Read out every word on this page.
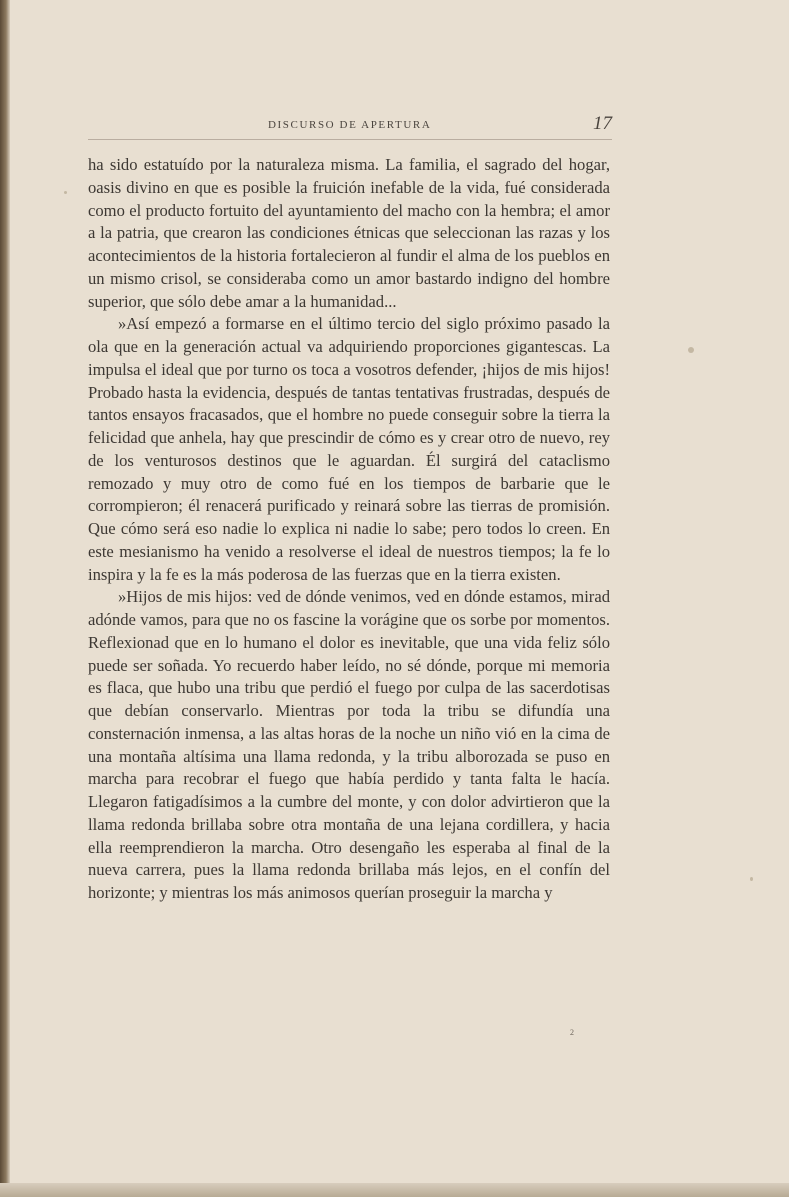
DISCURSO DE APERTURA	17

ha sido estatuído por la naturaleza misma. La familia, el sagrado del hogar, oasis divino en que es posible la fruición inefable de la vida, fué considerada como el producto fortuito del ayuntamiento del macho con la hembra; el amor a la patria, que crearon las condiciones étnicas que seleccionan las razas y los acontecimientos de la historia fortalecieron al fundir el alma de los pueblos en un mismo crisol, se consideraba como un amor bastardo indigno del hombre superior, que sólo debe amar a la humanidad...

»Así empezó a formarse en el último tercio del siglo próximo pasado la ola que en la generación actual va adquiriendo proporciones gigantescas. La impulsa el ideal que por turno os toca a vosotros defender, ¡hijos de mis hijos! Probado hasta la evidencia, después de tantas tentativas frustradas, después de tantos ensayos fracasados, que el hombre no puede conseguir sobre la tierra la felicidad que anhela, hay que prescindir de cómo es y crear otro de nuevo, rey de los venturosos destinos que le aguardan. Él surgirá del cataclismo remozado y muy otro de como fué en los tiempos de barbarie que le corrompieron; él renacerá purificado y reinará sobre las tierras de promisión. Que cómo será eso nadie lo explica ni nadie lo sabe; pero todos lo creen. En este mesianismo ha venido a resolverse el ideal de nuestros tiempos; la fe lo inspira y la fe es la más poderosa de las fuerzas que en la tierra existen.

»Hijos de mis hijos: ved de dónde venimos, ved en dónde estamos, mirad adónde vamos, para que no os fascine la vorágine que os sorbe por momentos. Reflexionad que en lo humano el dolor es inevitable, que una vida feliz sólo puede ser soñada. Yo recuerdo haber leído, no sé dónde, porque mi memoria es flaca, que hubo una tribu que perdió el fuego por culpa de las sacerdotisas que debían conservarlo. Mientras por toda la tribu se difundía una consternación inmensa, a las altas horas de la noche un niño vió en la cima de una montaña altísima una llama redonda, y la tribu alborozada se puso en marcha para recobrar el fuego que había perdido y tanta falta le hacía. Llegaron fatigadísimos a la cumbre del monte, y con dolor advirtieron que la llama redonda brillaba sobre otra montaña de una lejana cordillera, y hacia ella reemprendieron la marcha. Otro desengaño les esperaba al final de la nueva carrera, pues la llama redonda brillaba más lejos, en el confín del horizonte; y mientras los más animosos querían proseguir la marcha y

2
